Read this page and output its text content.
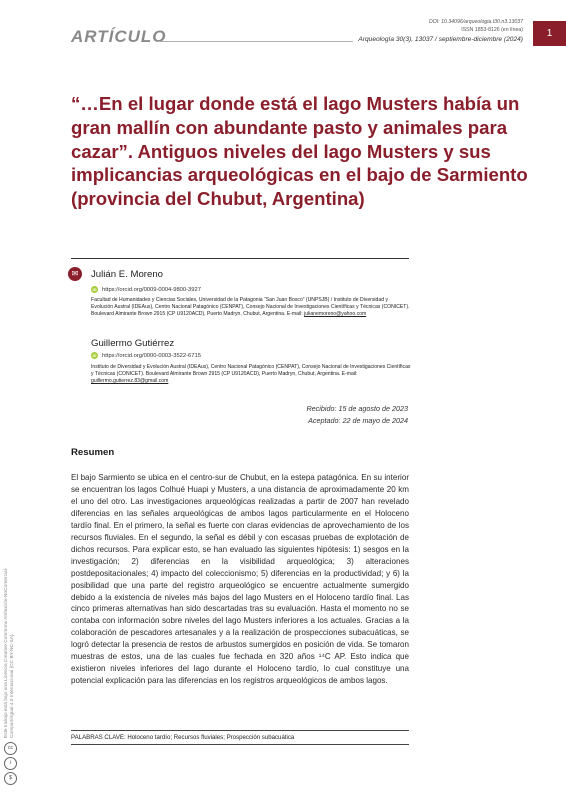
ARTÍCULO
DOI: 10.34096/arqueologia.t30.n3.13037
ISSN 1853-8126 (en línea)
Arqueología 30(3), 13037 / septiembre-diciembre (2024)
1
“…En el lugar donde está el lago Musters había un gran mallín con abundante pasto y animales para cazar”. Antiguos niveles del lago Musters y sus implicancias arqueológicas en el bajo de Sarmiento (provincia del Chubut, Argentina)
✉	Julián E. Moreno
iD https://orcid.org/0009-0004-9800-3927
Facultad de Humanidades y Ciencias Sociales, Universidad de la Patagonia “San Juan Bosco” (UNPSJB) / Instituto de Diversidad y Evolución Austral (IDEAus), Centro Nacional Patagónico (CENPAT), Consejo Nacional de Investigaciones Científicas y Técnicas (CONICET). Boulevard Almirante Brown 2915 (CP U9120ACD), Puerto Madryn, Chubut, Argentina. E-mail: julianemoreno@yahoo.com
Guillermo Gutiérrez
iD https://orcid.org/0000-0003-3522-6715
Instituto de Diversidad y Evolución Austral (IDEAus), Centro Nacional Patagónico (CENPAT), Consejo Nacional de Investigaciones Científicas y Técnicas (CONICET). Boulevard Almirante Brown 2915 (CP U9120ACD), Puerto Madryn, Chubut, Argentina. E-mail: guillermo.gutierrez.83@gmail.com
Recibido: 15 de agosto de 2023
Aceptado: 22 de mayo de 2024
Resumen

El bajo Sarmiento se ubica en el centro-sur de Chubut, en la estepa patagónica. En su interior se encuentran los lagos Colhué Huapi y Musters, a una distancia de aproximadamente 20 km el uno del otro. Las investigaciones arqueológicas realizadas a partir de 2007 han revelado diferencias en las señales arqueológicas de ambos lagos particularmente en el Holoceno tardío final. En el primero, la señal es fuerte con claras evidencias de aprovechamiento de los recursos fluviales. En el segundo, la señal es débil y con escasas pruebas de explotación de dichos recursos. Para explicar esto, se han evaluado las siguientes hipótesis: 1) sesgos en la investigación; 2) diferencias en la visibilidad arqueológica; 3) alteraciones postdepositacionales; 4) impacto del coleccionismo; 5) diferencias en la productividad; y 6) la posibilidad que una parte del registro arqueológico se encuentre actualmente sumergido debido a la existencia de niveles más bajos del lago Musters en el Holoceno tardío final. Las cinco primeras alternativas han sido descartadas tras su evaluación. Hasta el momento no se contaba con información sobre niveles del lago Musters inferiores a los actuales. Gracias a la colaboración de pescadores artesanales y a la realización de prospecciones subacuáticas, se logró detectar la presencia de restos de arbustos sumergidos en posición de vida. Se tomaron muestras de estos, una de las cuales fue fechada en 320 años ¹⁴C AP. Esto indica que existieron niveles inferiores del lago durante el Holoceno tardío, lo cual constituye una potencial explicación para las diferencias en los registros arqueológicos de ambos lagos.

PALABRAS CLAVE: Holoceno tardío; Recursos fluviales; Prospección subacuática
Este trabajo está bajo una Licencia Creative Commons Atribución-NoComercial-CompartirIgual 4.0 Internacional (CC BY-NC-SA).
cc
i
$
